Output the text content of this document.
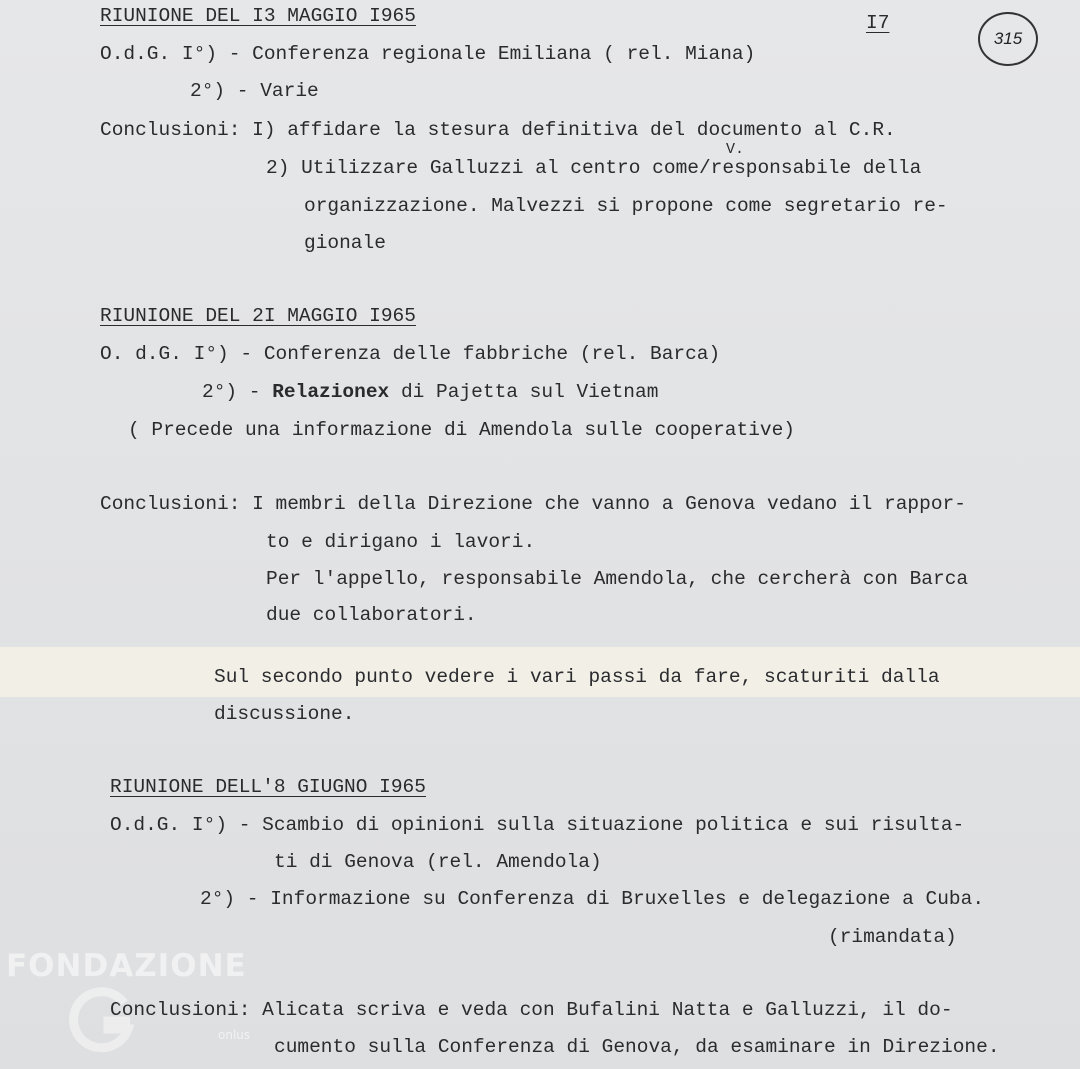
I7
315
RIUNIONE DEL I3 MAGGIO I965
O.d.G. I°) - Conferenza regionale Emiliana ( rel. Miana)
2°) - Varie
Conclusioni: I) affidare la stesura definitiva del documento al C.R.
V.
2) Utilizzare Galluzzi al centro come/responsabile della
organizzazione. Malvezzi si propone come segretario re-
gionale
RIUNIONE DEL 2I MAGGIO I965
O. d.G. I°) - Conferenza delle fabbriche (rel. Barca)
2°) - Relazionex di Pajetta sul Vietnam
( Precede una informazione di Amendola sulle cooperative)
Conclusioni: I membri della Direzione che vanno a Genova vedano il rappor-
to e dirigano i lavori.
Per l'appello, responsabile Amendola, che cercherà con Barca
due collaboratori.
Sul secondo punto vedere i vari passi da fare, scaturiti dalla
discussione.
RIUNIONE DELL'8 GIUGNO I965
O.d.G. I°) - Scambio di opinioni sulla situazione politica e sui risulta-
ti di Genova (rel. Amendola)
2°) - Informazione su Conferenza di Bruxelles e delegazione a Cuba.
(rimandata)
Conclusioni: Alicata scriva e veda con Bufalini Natta e Galluzzi, il do-
cumento sulla Conferenza di Genova, da esaminare in Direzione.
FONDAZIONE
onlus
